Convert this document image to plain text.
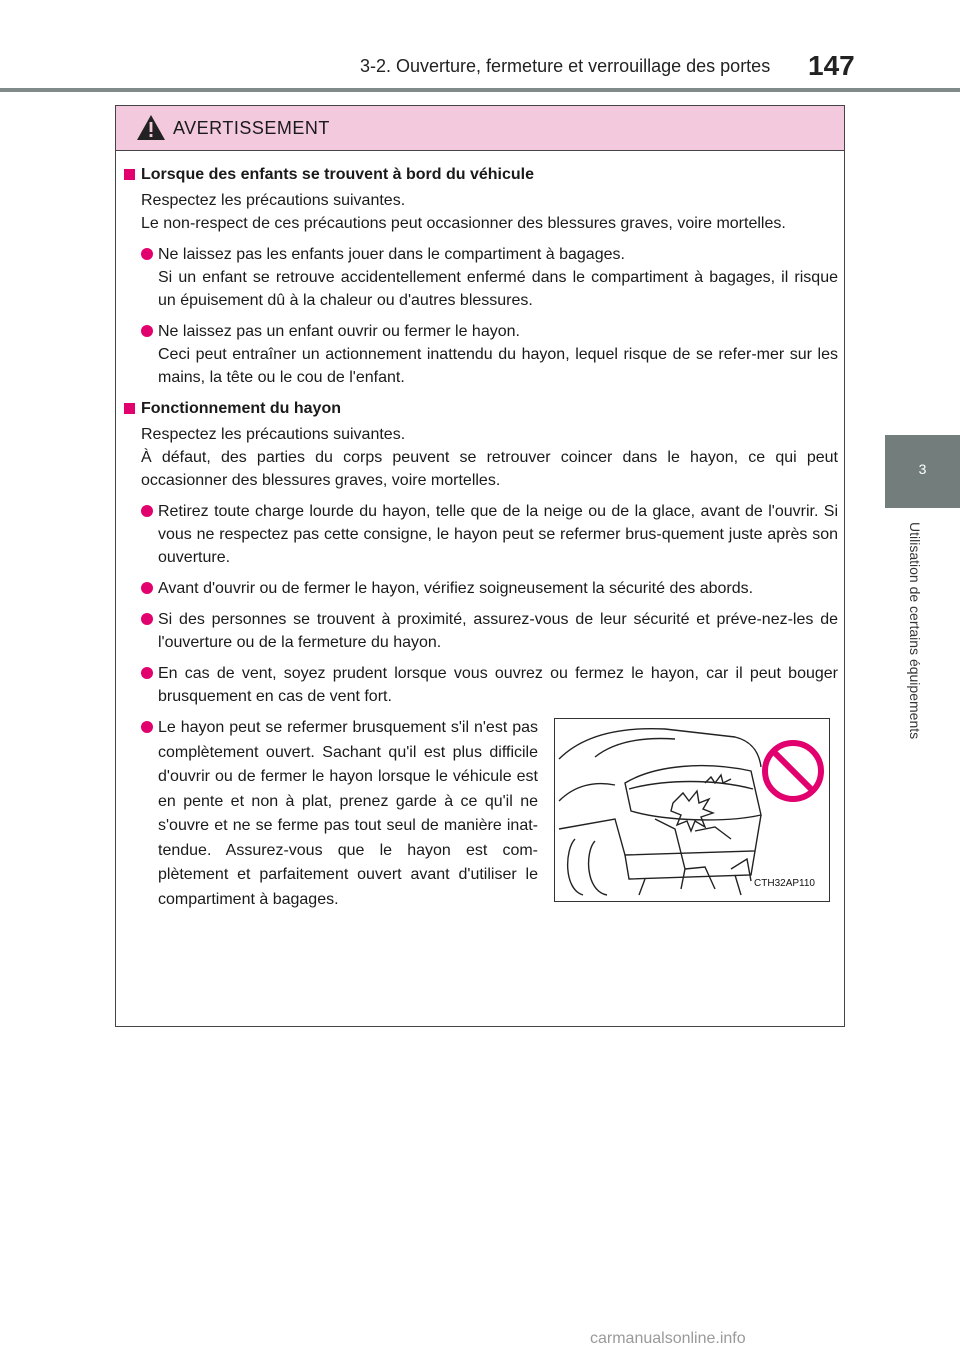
3-2. Ouverture, fermeture et verrouillage des portes 147
3
Utilisation de certains équipements
AVERTISSEMENT
Lorsque des enfants se trouvent à bord du véhicule
Respectez les précautions suivantes.
Le non-respect de ces précautions peut occasionner des blessures graves, voire mortelles.
Ne laissez pas les enfants jouer dans le compartiment à bagages.
Si un enfant se retrouve accidentellement enfermé dans le compartiment à bagages, il risque un épuisement dû à la chaleur ou d'autres blessures.
Ne laissez pas un enfant ouvrir ou fermer le hayon.
Ceci peut entraîner un actionnement inattendu du hayon, lequel risque de se refer-mer sur les mains, la tête ou le cou de l'enfant.
Fonctionnement du hayon
Respectez les précautions suivantes.
À défaut, des parties du corps peuvent se retrouver coincer dans le hayon, ce qui peut occasionner des blessures graves, voire mortelles.
Retirez toute charge lourde du hayon, telle que de la neige ou de la glace, avant de l'ouvrir. Si vous ne respectez pas cette consigne, le hayon peut se refermer brus-quement juste après son ouverture.
Avant d'ouvrir ou de fermer le hayon, vérifiez soigneusement la sécurité des abords.
Si des personnes se trouvent à proximité, assurez-vous de leur sécurité et préve-nez-les de l'ouverture ou de la fermeture du hayon.
En cas de vent, soyez prudent lorsque vous ouvrez ou fermez le hayon, car il peut bouger brusquement en cas de vent fort.
Le hayon peut se refermer brusquement s'il n'est pas complètement ouvert. Sachant qu'il est plus difficile d'ouvrir ou de fermer le hayon lorsque le véhicule est en pente et non à plat, prenez garde à ce qu'il ne s'ouvre et ne se ferme pas tout seul de manière inat-tendue. Assurez-vous que le hayon est com-plètement et parfaitement ouvert avant d'utiliser le compartiment à bagages.
CTH32AP110
carmanualsonline.info
